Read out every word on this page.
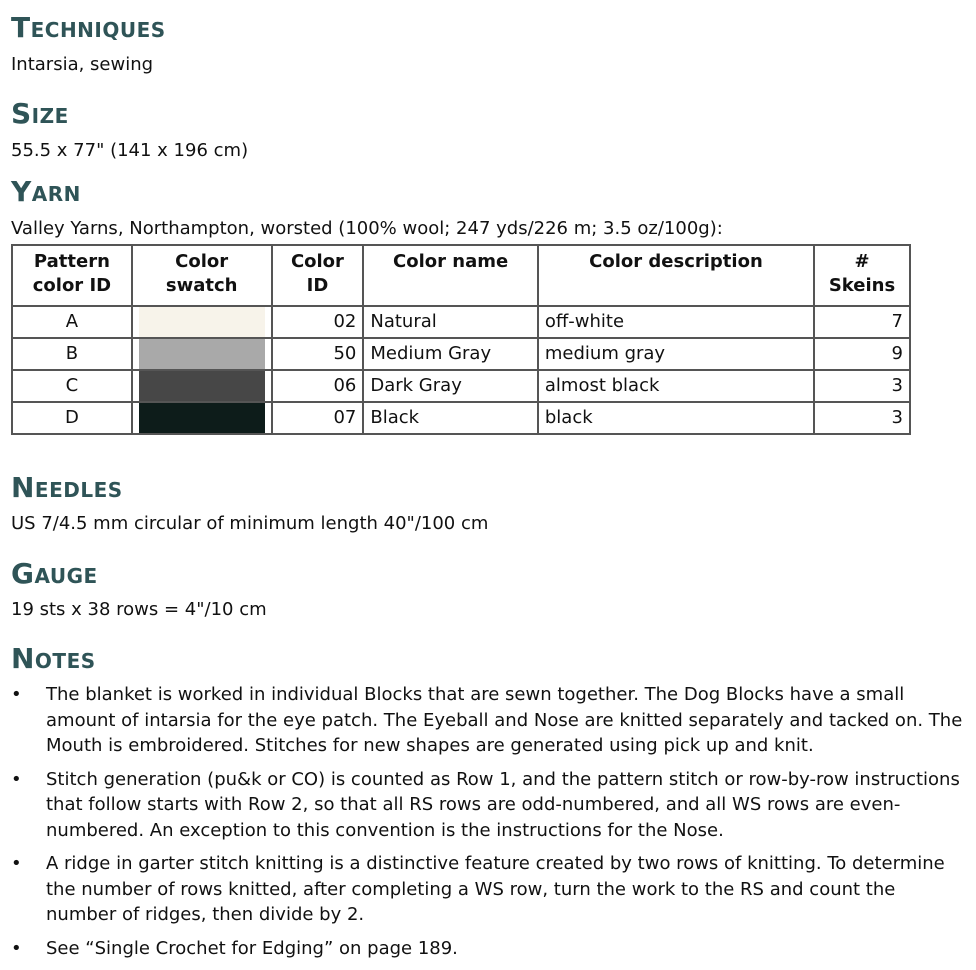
Techniques

Intarsia, sewing

Size

55.5 x 77" (141 x 196 cm)

Yarn

Valley Yarns, Northampton, worsted (100% wool; 247 yds/226 m; 3.5 oz/100g):

Pattern color ID	Color swatch	Color ID	Color name	Color description	# Skeins
A		02	Natural	off-white	7
B		50	Medium Gray	medium gray	9
C		06	Dark Gray	almost black	3
D		07	Black	black	3
Needles

US 7/4.5 mm circular of minimum length 40"/100 cm

Gauge

19 sts x 38 rows = 4"/10 cm

Notes
• The blanket is worked in individual Blocks that are sewn together. The Dog Blocks have a small amount of intarsia for the eye patch. The Eyeball and Nose are knitted separately and tacked on. The Mouth is embroidered. Stitches for new shapes are generated using pick up and knit.
• Stitch generation (pu&k or CO) is counted as Row 1, and the pattern stitch or row-by-row instructions that follow starts with Row 2, so that all RS rows are odd-numbered, and all WS rows are even-numbered. An exception to this convention is the instructions for the Nose.
• A ridge in garter stitch knitting is a distinctive feature created by two rows of knitting. To determine the number of rows knitted, after completing a WS row, turn the work to the RS and count the number of ridges, then divide by 2.
• See “Single Crochet for Edging” on page 189.
